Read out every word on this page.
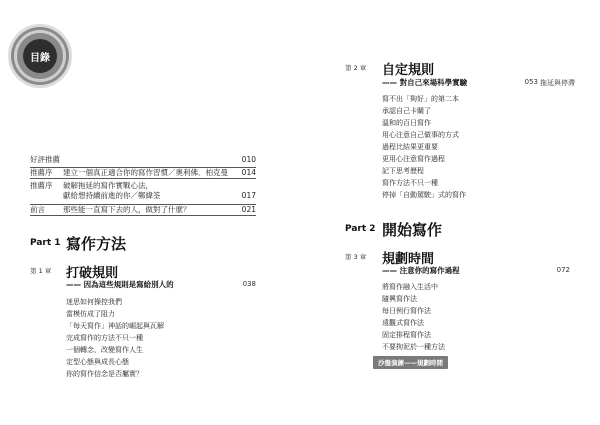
目錄
好評推薦	010
推薦序 建立一個真正適合你的寫作習慣／奧利佛．柏克曼 014
推薦序 破解拖延的寫作實戰心法，
獻給想持續前進的你／鄭緯筌	017
前言 那些能一直寫下去的人，做對了什麼？	021
Part 1 寫作方法
第 1 章 打破規則
—— 因為這些規則是寫給別人的	038
迷思如何操控我們
當模仿成了阻力
「每天寫作」神話的崛起與瓦解
完成寫作的方法不只一種
一個轉念，改變寫作人生
定型心態與成長心態
你的寫作信念是否屬實？
第 2 章 自定規則
—— 對自己來場科學實驗	053 拖延與停滯
寫不出「夠好」的第二本
承認自己卡關了
溫和的百日寫作
用心注意自己做事的方式
過程比結果更重要
更用心注意寫作過程
記下思考歷程
寫作方法不只一種
停掉「自動駕駛」式的寫作
Part 2 開始寫作
第 3 章 規劃時間
—— 注意你的寫作過程	072
將寫作融入生活中
隨興寫作法
每日例行寫作法
遠觀式寫作法
固定排程寫作法
不要拘泥於一種方法
沙盤演練——規劃時間
